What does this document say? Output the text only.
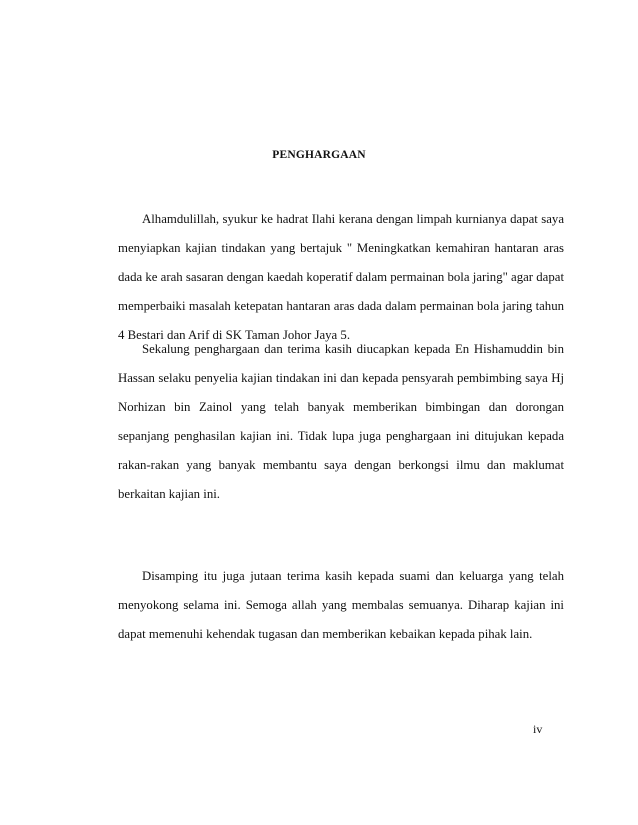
PENGHARGAAN

Alhamdulillah, syukur ke hadrat Ilahi kerana dengan limpah kurnianya dapat saya menyiapkan kajian tindakan yang bertajuk " Meningkatkan kemahiran hantaran aras dada ke arah sasaran dengan kaedah koperatif dalam permainan bola jaring" agar dapat memperbaiki masalah ketepatan hantaran aras dada dalam permainan bola jaring tahun 4 Bestari dan Arif di SK Taman Johor Jaya 5.

Sekalung penghargaan dan terima kasih diucapkan kepada En Hishamuddin bin Hassan selaku penyelia kajian tindakan ini dan kepada pensyarah pembimbing saya Hj Norhizan bin Zainol yang telah banyak memberikan bimbingan dan dorongan sepanjang penghasilan kajian ini. Tidak lupa juga penghargaan ini ditujukan kepada rakan-rakan yang banyak membantu saya dengan berkongsi ilmu dan maklumat berkaitan kajian ini.

Disamping itu juga jutaan terima kasih kepada suami dan keluarga yang telah menyokong selama ini. Semoga allah yang membalas semuanya. Diharap kajian ini dapat memenuhi kehendak tugasan dan memberikan kebaikan kepada pihak lain.

iv
